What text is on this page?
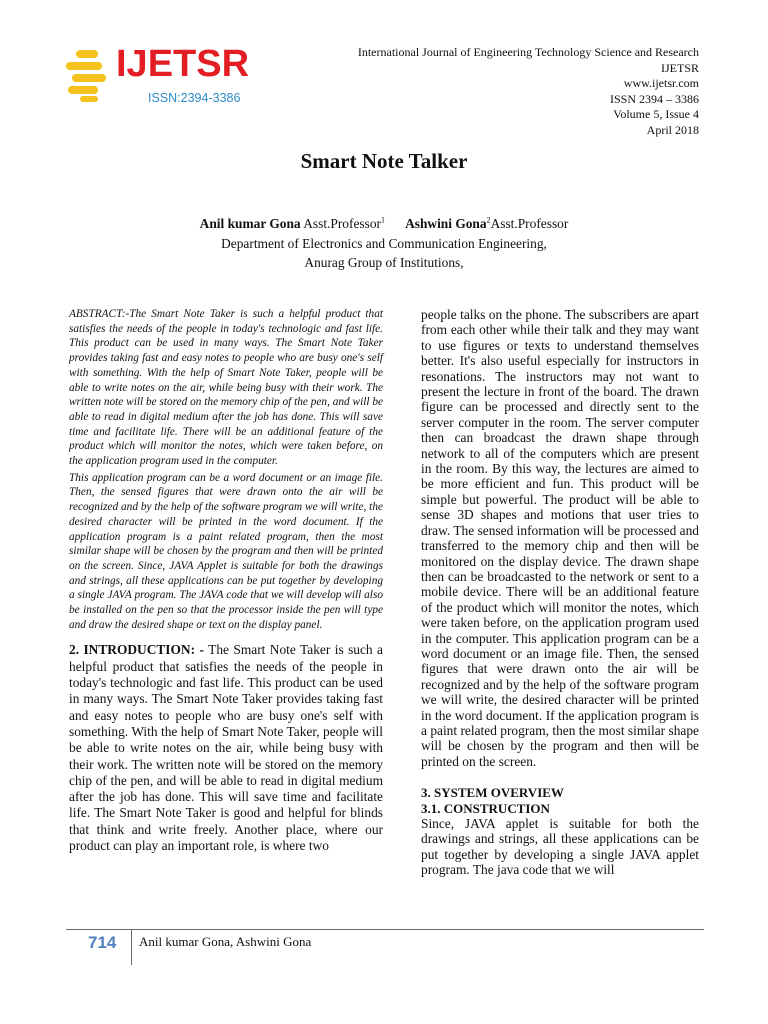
IJETSR
ISSN:2394-3386
International Journal of Engineering Technology Science and Research
IJETSR
www.ijetsr.com
ISSN 2394 – 3386
Volume 5, Issue 4
April 2018
Smart Note Talker
Anil kumar Gona Asst.Professor$^1$ Ashwini Gona$^2$Asst.Professor
Department of Electronics and Communication Engineering,
Anurag Group of Institutions,

ABSTRACT:-The Smart Note Taker is such a helpful product that satisfies the needs of the people in today's technologic and fast life. This product can be used in many ways. The Smart Note Taker provides taking fast and easy notes to people who are busy one's self with something. With the help of Smart Note Taker, people will be able to write notes on the air, while being busy with their work. The written note will be stored on the memory chip of the pen, and will be able to read in digital medium after the job has done. This will save time and facilitate life. There will be an additional feature of the product which will monitor the notes, which were taken before, on the application program used in the computer.

This application program can be a word document or an image file. Then, the sensed figures that were drawn onto the air will be recognized and by the help of the software program we will write, the desired character will be printed in the word document. If the application program is a paint related program, then the most similar shape will be chosen by the program and then will be printed on the screen. Since, JAVA Applet is suitable for both the drawings and strings, all these applications can be put together by developing a single JAVA program. The JAVA code that we will develop will also be installed on the pen so that the processor inside the pen will type and draw the desired shape or text on the display panel.

2. INTRODUCTION: - The Smart Note Taker is such a helpful product that satisfies the needs of the people in today's technologic and fast life. This product can be used in many ways. The Smart Note Taker provides taking fast and easy notes to people who are busy one's self with something. With the help of Smart Note Taker, people will be able to write notes on the air, while being busy with their work. The written note will be stored on the memory chip of the pen, and will be able to read in digital medium after the job has done. This will save time and facilitate life. The Smart Note Taker is good and helpful for blinds that think and write freely. Another place, where our product can play an important role, is where two

people talks on the phone. The subscribers are apart from each other while their talk and they may want to use figures or texts to understand themselves better. It's also useful especially for instructors in resonations. The instructors may not want to present the lecture in front of the board. The drawn figure can be processed and directly sent to the server computer in the room. The server computer then can broadcast the drawn shape through network to all of the computers which are present in the room. By this way, the lectures are aimed to be more efficient and fun. This product will be simple but powerful. The product will be able to sense 3D shapes and motions that user tries to draw. The sensed information will be processed and transferred to the memory chip and then will be monitored on the display device. The drawn shape then can be broadcasted to the network or sent to a mobile device. There will be an additional feature of the product which will monitor the notes, which were taken before, on the application program used in the computer. This application program can be a word document or an image file. Then, the sensed figures that were drawn onto the air will be recognized and by the help of the software program we will write, the desired character will be printed in the word document. If the application program is a paint related program, then the most similar shape will be chosen by the program and then will be printed on the screen.

3. SYSTEM OVERVIEW

3.1. CONSTRUCTION

Since, JAVA applet is suitable for both the drawings and strings, all these applications can be put together by developing a single JAVA applet program. The java code that we will

714 Anil kumar Gona, Ashwini Gona
